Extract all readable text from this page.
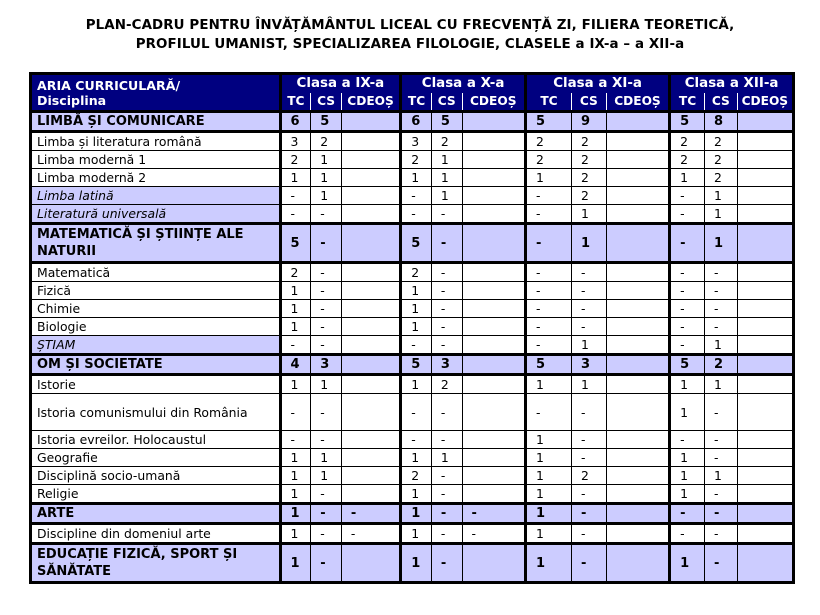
PLAN-CADRU PENTRU ÎNVĂȚĂMÂNTUL LICEAL CU FRECVENȚĂ ZI, FILIERA TEORETICĂ,
PROFILUL UMANIST, SPECIALIZAREA FILOLOGIE, CLASELE a IX-a – a XII-a
ARIA CURRICULARĂ/	Clasa a IX-a			Clasa a X-a			Clasa a XI-a			Clasa a XII-a		
Disciplina	TC	CS	CDEOȘ	TC	CS	CDEOȘ	TC	CS	CDEOȘ	TC	CS	CDEOȘ
LIMBĂ ȘI COMUNICARE	6	5		6	5		5	9		5	8	
Limba și literatura română	3	2		3	2		2	2		2	2	
Limba modernă 1	2	1		2	1		2	2		2	2	
Limba modernă 2	1	1		1	1		1	2		1	2	
Limba latină	-	1		-	1		-	2		-	1	
Literatură universală	-	-		-	-		-	1		-	1	
MATEMATICĂ ȘI ȘTIINȚE ALE NATURII	5	-		5	-		-	1		-	1	
Matematică	2	-		2	-		-	-		-	-	
Fizică	1	-		1	-		-	-		-	-	
Chimie	1	-		1	-		-	-		-	-	
Biologie	1	-		1	-		-	-		-	-	
ȘTIAM	-	-		-	-		-	1		-	1	
OM ȘI SOCIETATE	4	3		5	3		5	3		5	2	
Istorie	1	1		1	2		1	1		1	1	
Istoria comunismului din România	-	-		-	-		-	-		1	-	
Istoria evreilor. Holocaustul	-	-		-	-		1	-		-	-	
Geografie	1	1		1	1		1	-		1	-	
Disciplină socio-umană	1	1		2	-		1	2		1	1	
Religie	1	-		1	-		1	-		1	-	
ARTE	1	-	-	1	-	-	1	-		-	-	
Discipline din domeniul arte	1	-	-	1	-	-	1	-		-	-	
EDUCAȚIE FIZICĂ, SPORT ȘI SĂNĂTATE	1	-		1	-		1	-		1	-	
